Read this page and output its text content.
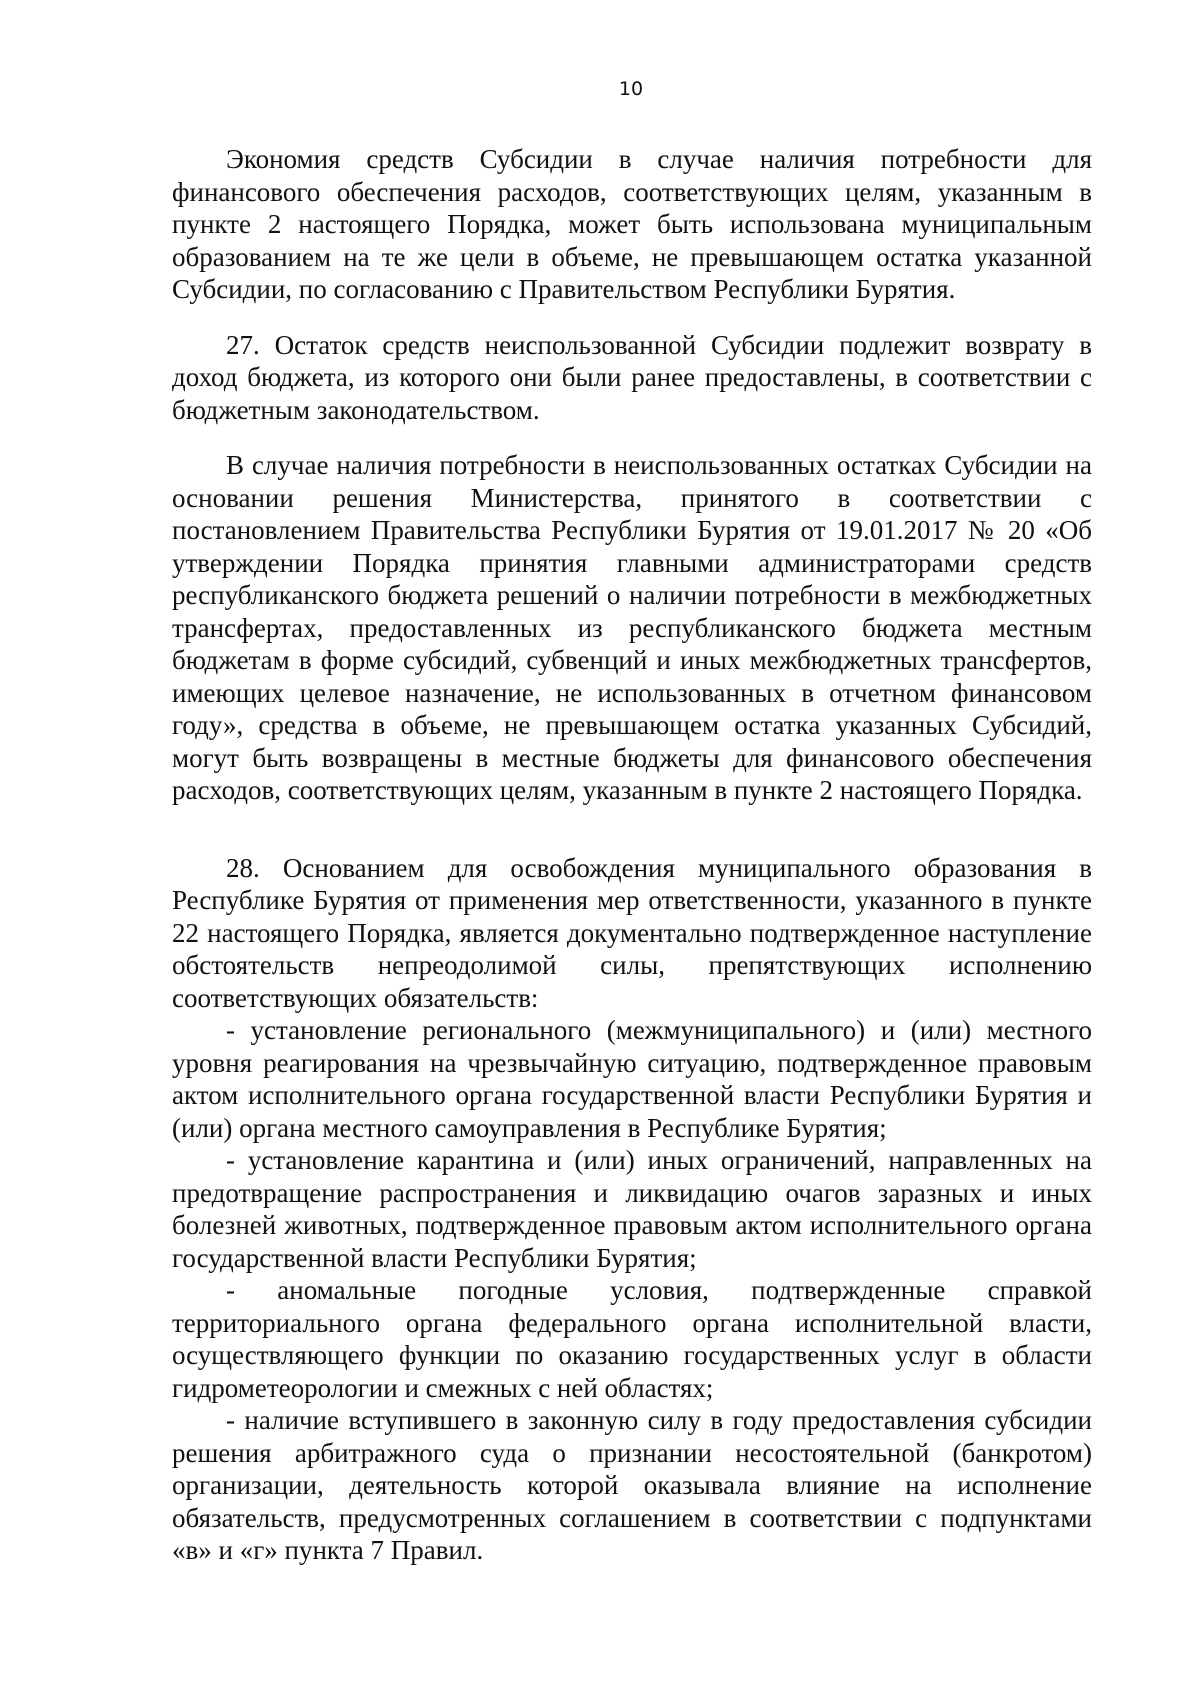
10

Экономия средств Субсидии в случае наличия потребности для финансового обеспечения расходов, соответствующих целям, указанным в пункте 2 настоящего Порядка, может быть использована муниципальным образованием на те же цели в объеме, не превышающем остатка указанной Субсидии, по согласованию с Правительством Республики Бурятия.

27. Остаток средств неиспользованной Субсидии подлежит возврату в доход бюджета, из которого они были ранее предоставлены, в соответствии с бюджетным законодательством.

В случае наличия потребности в неиспользованных остатках Субсидии на основании решения Министерства, принятого в соответствии с постановлением Правительства Республики Бурятия от 19.01.2017 № 20 «Об утверждении Порядка принятия главными администраторами средств республиканского бюджета решений о наличии потребности в межбюджетных трансфертах, предоставленных из республиканского бюджета местным бюджетам в форме субсидий, субвенций и иных межбюджетных трансфертов, имеющих целевое назначение, не использованных в отчетном финансовом году», средства в объеме, не превышающем остатка указанных Субсидий, могут быть возвращены в местные бюджеты для финансового обеспечения расходов, соответствующих целям, указанным в пункте 2 настоящего Порядка.

28. Основанием для освобождения муниципального образования в Республике Бурятия от применения мер ответственности, указанного в пункте 22 настоящего Порядка, является документально подтвержденное наступление обстоятельств непреодолимой силы, препятствующих исполнению соответствующих обязательств:

- установление регионального (межмуниципального) и (или) местного уровня реагирования на чрезвычайную ситуацию, подтвержденное правовым актом исполнительного органа государственной власти Республики Бурятия и (или) органа местного самоуправления в Республике Бурятия;

- установление карантина и (или) иных ограничений, направленных на предотвращение распространения и ликвидацию очагов заразных и иных болезней животных, подтвержденное правовым актом исполнительного органа государственной власти Республики Бурятия;

- аномальные погодные условия, подтвержденные справкой территориального органа федерального органа исполнительной власти, осуществляющего функции по оказанию государственных услуг в области гидрометеорологии и смежных с ней областях;

- наличие вступившего в законную силу в году предоставления субсидии решения арбитражного суда о признании несостоятельной (банкротом) организации, деятельность которой оказывала влияние на исполнение обязательств, предусмотренных соглашением в соответствии с подпунктами «в» и «г» пункта 7 Правил.
